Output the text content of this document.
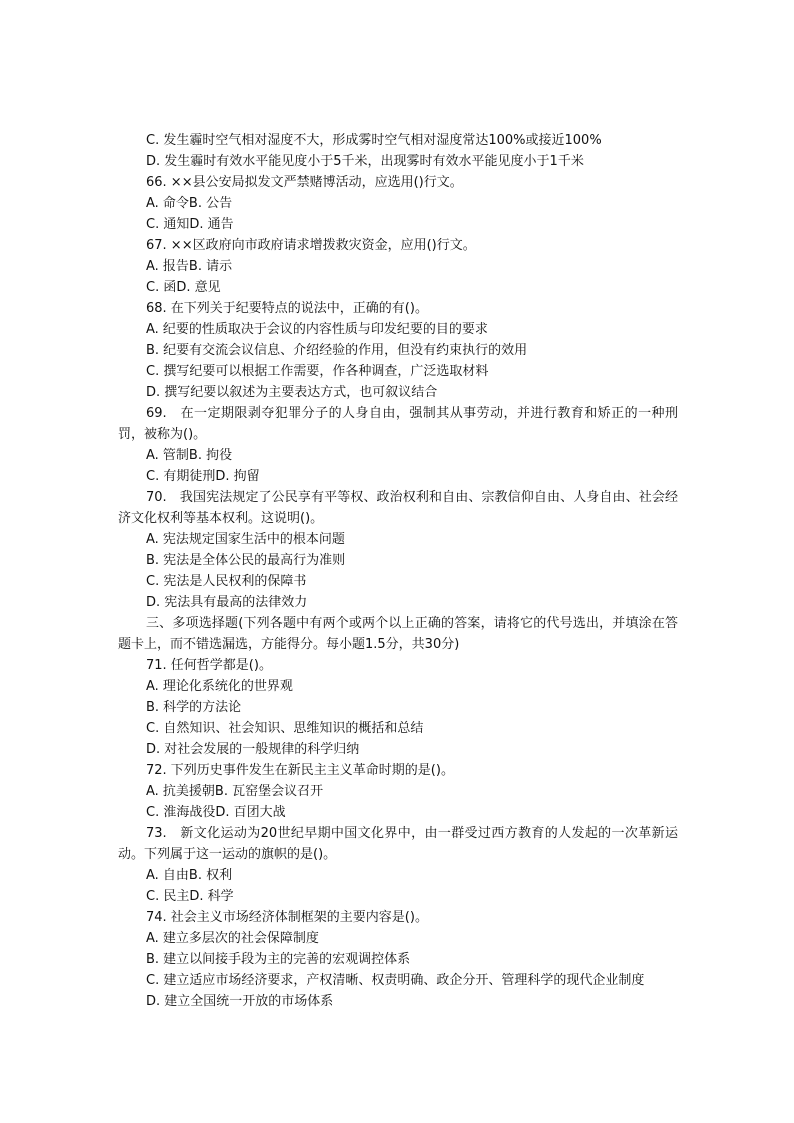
C. 发生霾时空气相对湿度不大，形成雾时空气相对湿度常达100%或接近100%
D. 发生霾时有效水平能见度小于5千米，出现雾时有效水平能见度小于1千米
66. ××县公安局拟发文严禁赌博活动，应选用()行文。
A. 命令B. 公告
C. 通知D. 通告
67. ××区政府向市政府请求增拨救灾资金，应用()行文。
A. 报告B. 请示
C. 函D. 意见
68. 在下列关于纪要特点的说法中，正确的有()。
A. 纪要的性质取决于会议的内容性质与印发纪要的目的要求
B. 纪要有交流会议信息、介绍经验的作用，但没有约束执行的效用
C. 撰写纪要可以根据工作需要，作各种调查，广泛选取材料
D. 撰写纪要以叙述为主要表达方式，也可叙议结合
69.　在一定期限剥夺犯罪分子的人身自由，强制其从事劳动，并进行教育和矫正的一种刑罚，被称为()。
A. 管制B. 拘役
C. 有期徒刑D. 拘留
70.　我国宪法规定了公民享有平等权、政治权利和自由、宗教信仰自由、人身自由、社会经济文化权利等基本权利。这说明()。
A. 宪法规定国家生活中的根本问题
B. 宪法是全体公民的最高行为准则
C. 宪法是人民权利的保障书
D. 宪法具有最高的法律效力
三、多项选择题(下列各题中有两个或两个以上正确的答案，请将它的代号选出，并填涂在答题卡上，而不错选漏选，方能得分。每小题1.5分，共30分)
71. 任何哲学都是()。
A. 理论化系统化的世界观
B. 科学的方法论
C. 自然知识、社会知识、思维知识的概括和总结
D. 对社会发展的一般规律的科学归纳
72. 下列历史事件发生在新民主主义革命时期的是()。
A. 抗美援朝B. 瓦窑堡会议召开
C. 淮海战役D. 百团大战
73.　新文化运动为20世纪早期中国文化界中，由一群受过西方教育的人发起的一次革新运动。下列属于这一运动的旗帜的是()。
A. 自由B. 权利
C. 民主D. 科学
74. 社会主义市场经济体制框架的主要内容是()。
A. 建立多层次的社会保障制度
B. 建立以间接手段为主的完善的宏观调控体系
C. 建立适应市场经济要求，产权清晰、权责明确、政企分开、管理科学的现代企业制度
D. 建立全国统一开放的市场体系
